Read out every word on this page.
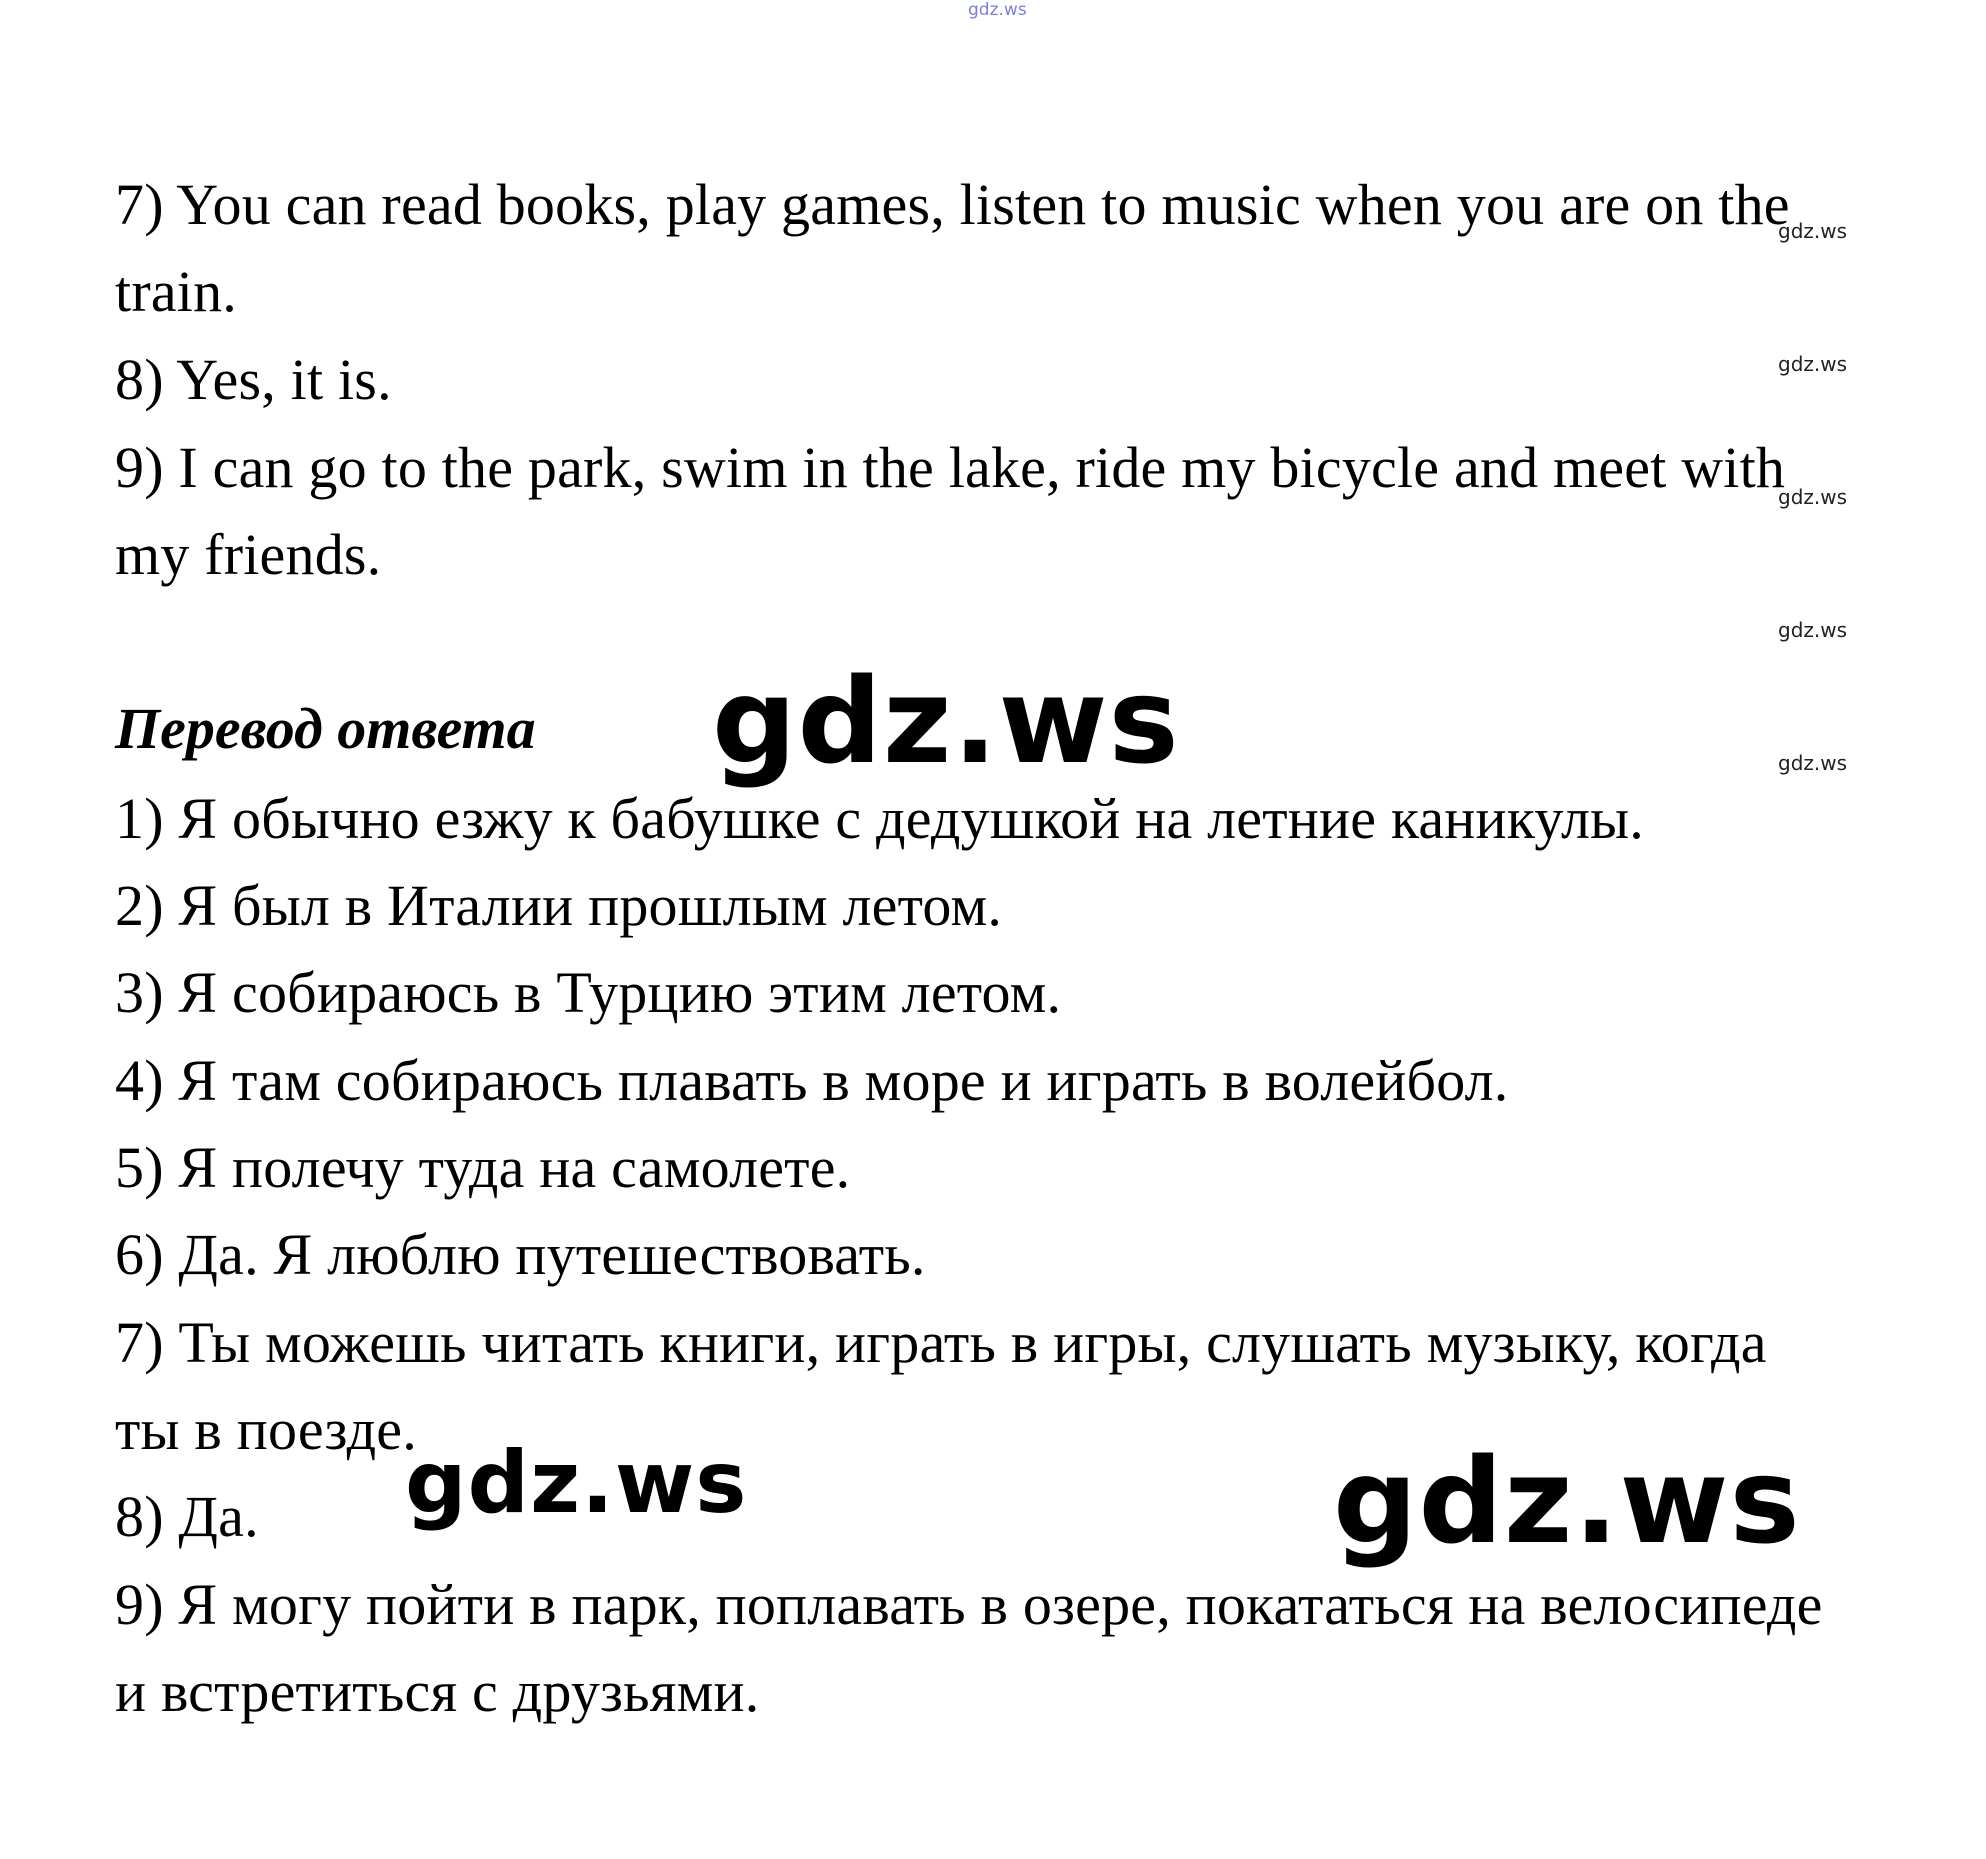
gdz.ws
7) You can read books, play games, listen to music when you are on the
train.
8) Yes, it is.
9) I can go to the park, swim in the lake, ride my bicycle and meet with
my friends.
gdz.ws
gdz.ws
gdz.ws
gdz.ws
gdz.ws
Перевод ответа gdz.ws
1) Я обычно езжу к бабушке с дедушкой на летние каникулы.
2) Я был в Италии прошлым летом.
3) Я собираюсь в Турцию этим летом.
4) Я там собираюсь плавать в море и играть в волейбол.
5) Я полечу туда на самолете.
6) Да. Я люблю путешествовать.
7) Ты можешь читать книги, играть в игры, слушать музыку, когда
ты в поезде.
8) Да.
9) Я могу пойти в парк, поплавать в озере, покататься на велосипеде
и встретиться с друзьями.
gdz.ws	gdz.ws
